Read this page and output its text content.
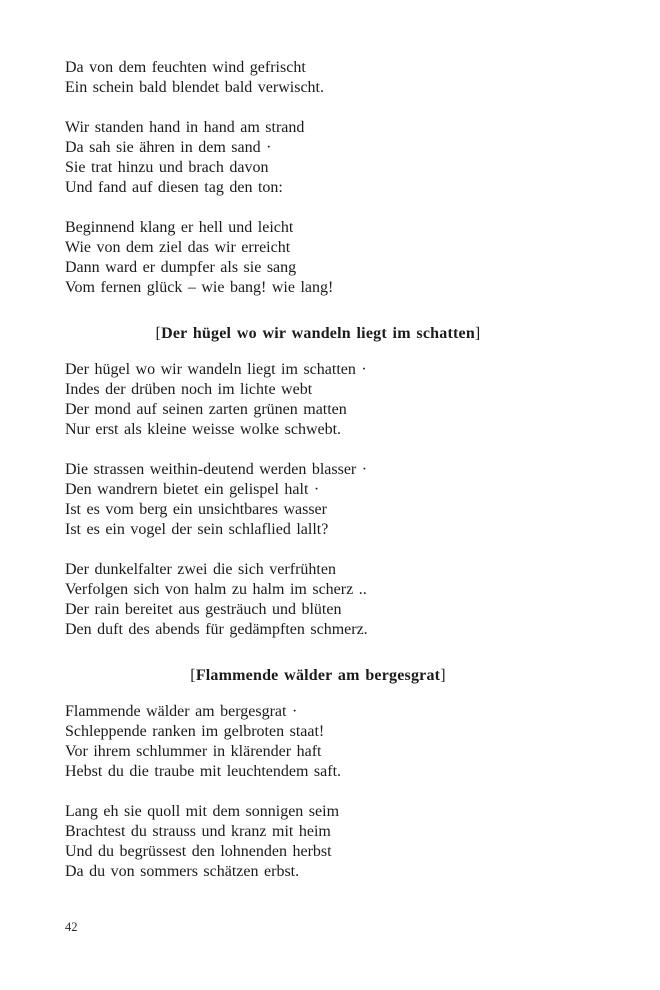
Da von dem feuchten wind gefrischt
Ein schein bald blendet bald verwischt.
Wir standen hand in hand am strand
Da sah sie ähren in dem sand ·
Sie trat hinzu und brach davon
Und fand auf diesen tag den ton:
Beginnend klang er hell und leicht
Wie von dem ziel das wir erreicht
Dann ward er dumpfer als sie sang
Vom fernen glück – wie bang! wie lang!
[Der hügel wo wir wandeln liegt im schatten]
Der hügel wo wir wandeln liegt im schatten ·
Indes der drüben noch im lichte webt
Der mond auf seinen zarten grünen matten
Nur erst als kleine weisse wolke schwebt.
Die strassen weithin-deutend werden blasser ·
Den wandrern bietet ein gelispel halt ·
Ist es vom berg ein unsichtbares wasser
Ist es ein vogel der sein schlaflied lallt?
Der dunkelfalter zwei die sich verfrühten
Verfolgen sich von halm zu halm im scherz ..
Der rain bereitet aus gesträuch und blüten
Den duft des abends für gedämpften schmerz.
[Flammende wälder am bergesgrat]
Flammende wälder am bergesgrat ·
Schleppende ranken im gelbroten staat!
Vor ihrem schlummer in klärender haft
Hebst du die traube mit leuchtendem saft.
Lang eh sie quoll mit dem sonnigen seim
Brachtest du strauss und kranz mit heim
Und du begrüssest den lohnenden herbst
Da du von sommers schätzen erbst.
42
